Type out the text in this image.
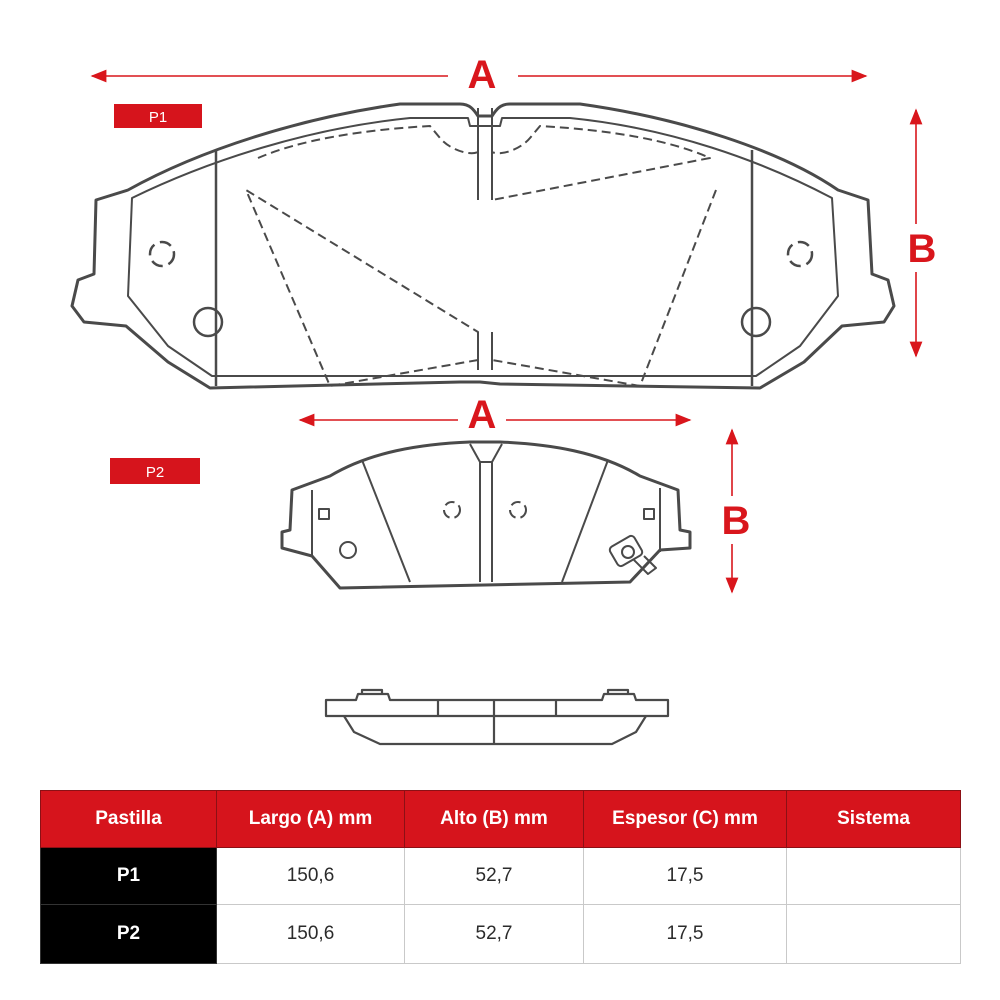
A
P1
B
A
P2
B
Pastilla	Largo (A) mm	Alto (B) mm	Espesor (C) mm	Sistema
P1	150,6	52,7	17,5	
P2	150,6	52,7	17,5	
